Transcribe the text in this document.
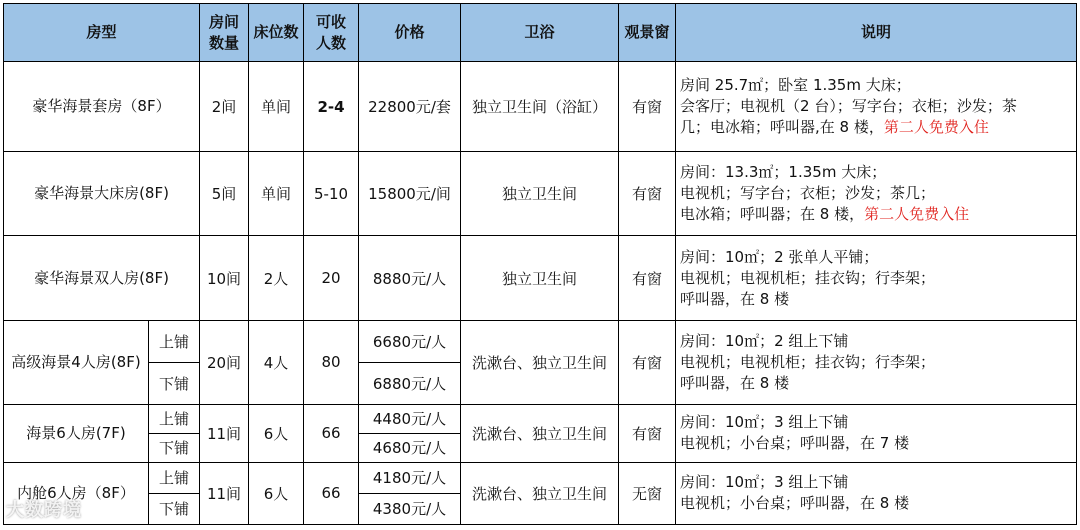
房型		房间数量	床位数	可收人数	价格	卫浴	观景窗	说明
豪华海景套房（8F）		2间	单间	2-4	22800元/套	独立卫生间（浴缸）	有窗	房间 25.7㎡；卧室 1.35m 大床；
会客厅；电视机（2 台）；写字台；衣柜；沙发；茶
几；电冰箱；呼叫器,在 8 楼，第二人免费入住

豪华海景大床房(8F)		5间	单间	5-10	15800元/间	独立卫生间	有窗	房间：13.3㎡；1.35m 大床；
电视机；写字台；衣柜；沙发；茶几；
电冰箱；呼叫器；在 8 楼，第二人免费入住

豪华海景双人房(8F)		10间	2人	20	8880元/人	独立卫生间	有窗	房间：10㎡；2 张单人平铺；
电视机；电视机柜；挂衣钩；行李架；
呼叫器，在 8 楼

高级海景4人房(8F)	上铺	20间	4人	80	6680元/人	洗漱台、独立卫生间	有窗	房间：10㎡；2 组上下铺
电视机；电视机柜；挂衣钩；行李架；
呼叫器，在 8 楼

	下铺				6880元/人			
海景6人房(7F)	上铺	11间	6人	66	4480元/人	洗漱台、独立卫生间	有窗	房间：10㎡；3 组上下铺
电视机；小台桌；呼叫器，在 7 楼

	下铺				4680元/人			
内舱6人房（8F）	上铺	11间	6人	66	4180元/人	洗漱台、独立卫生间	无窗	房间：10㎡；3 组上下铺
电视机；小台桌；呼叫器，在 8 楼

	下铺				4380元/人			
大数跨境
